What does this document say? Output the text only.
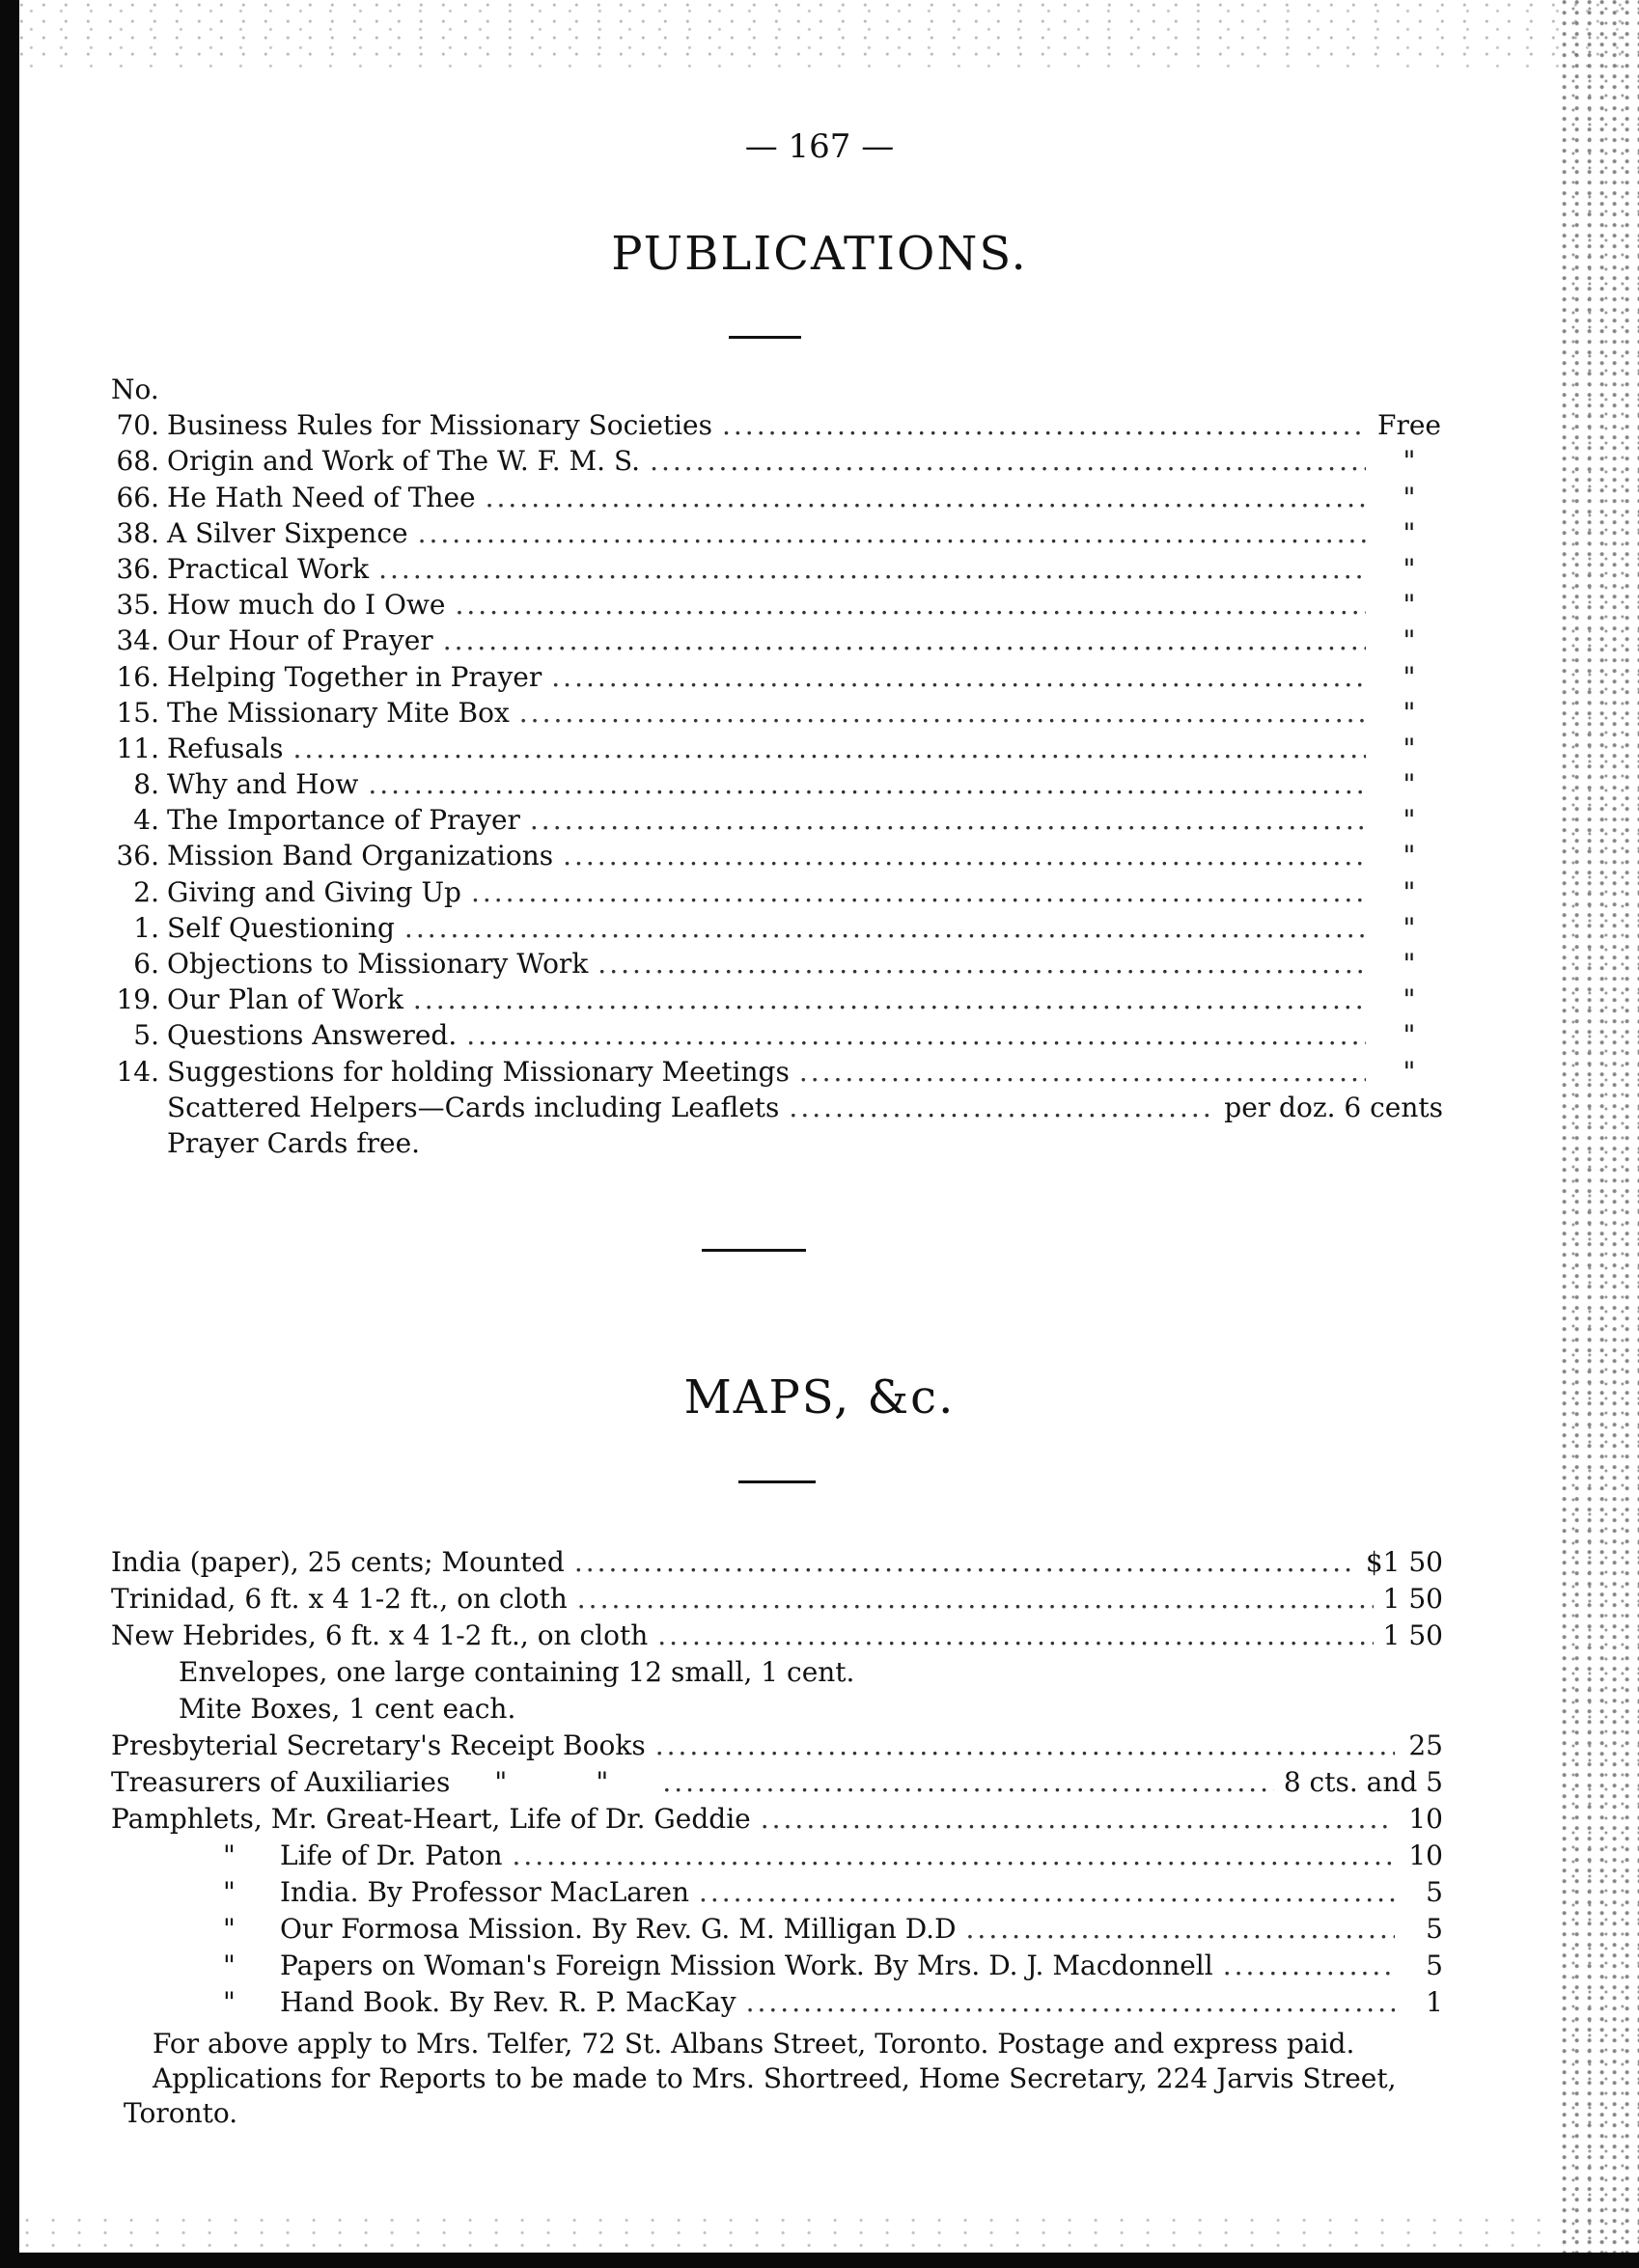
— 167 —
PUBLICATIONS.
No.
70. Business Rules for Missionary Societies .....	Free
68. Origin and Work of The W. F. M. S. .....	"
66. He Hath Need of Thee .....	"
38. A Silver Sixpence .....	"
36. Practical Work .....	"
35. How much do I Owe .....	"
34. Our Hour of Prayer .....	"
16. Helping Together in Prayer .....	"
15. The Missionary Mite Box .....	"
11. Refusals .....	"
8. Why and How .....	"
4. The Importance of Prayer .....	"
36. Mission Band Organizations .....	"
2. Giving and Giving Up .....	"
1. Self Questioning .....	"
6. Objections to Missionary Work .....	"
19. Our Plan of Work .....	"
5. Questions Answered. .....	"
14. Suggestions for holding Missionary Meetings .....	"
Scattered Helpers—Cards including Leaflets .....	per doz. 6 cents
Prayer Cards free.
MAPS, &c.
India (paper), 25 cents; Mounted .....	$1 50
Trinidad, 6 ft. x 4 1-2 ft., on cloth .....	1 50
New Hebrides, 6 ft. x 4 1-2 ft., on cloth .....	1 50
Envelopes, one large containing 12 small, 1 cent.
Mite Boxes, 1 cent each.
Presbyterial Secretary's Receipt Books .....	25
Treasurers of Auxiliaries	"	" .....	8 cts. and 5
Pamphlets, Mr. Great-Heart, Life of Dr. Geddie .....	10
"	Life of Dr. Paton .....	10
"	India. By Professor MacLaren .....	5
"	Our Formosa Mission. By Rev. G. M. Milligan D.D .....	5
"	Papers on Woman's Foreign Mission Work. By Mrs. D. J. Macdonnell .....	5
"	Hand Book. By Rev. R. P. MacKay .....	1

For above apply to Mrs. Telfer, 72 St. Albans Street, Toronto. Postage and express paid.

Applications for Reports to be made to Mrs. Shortreed, Home Secretary, 224 Jarvis Street, Toronto.
